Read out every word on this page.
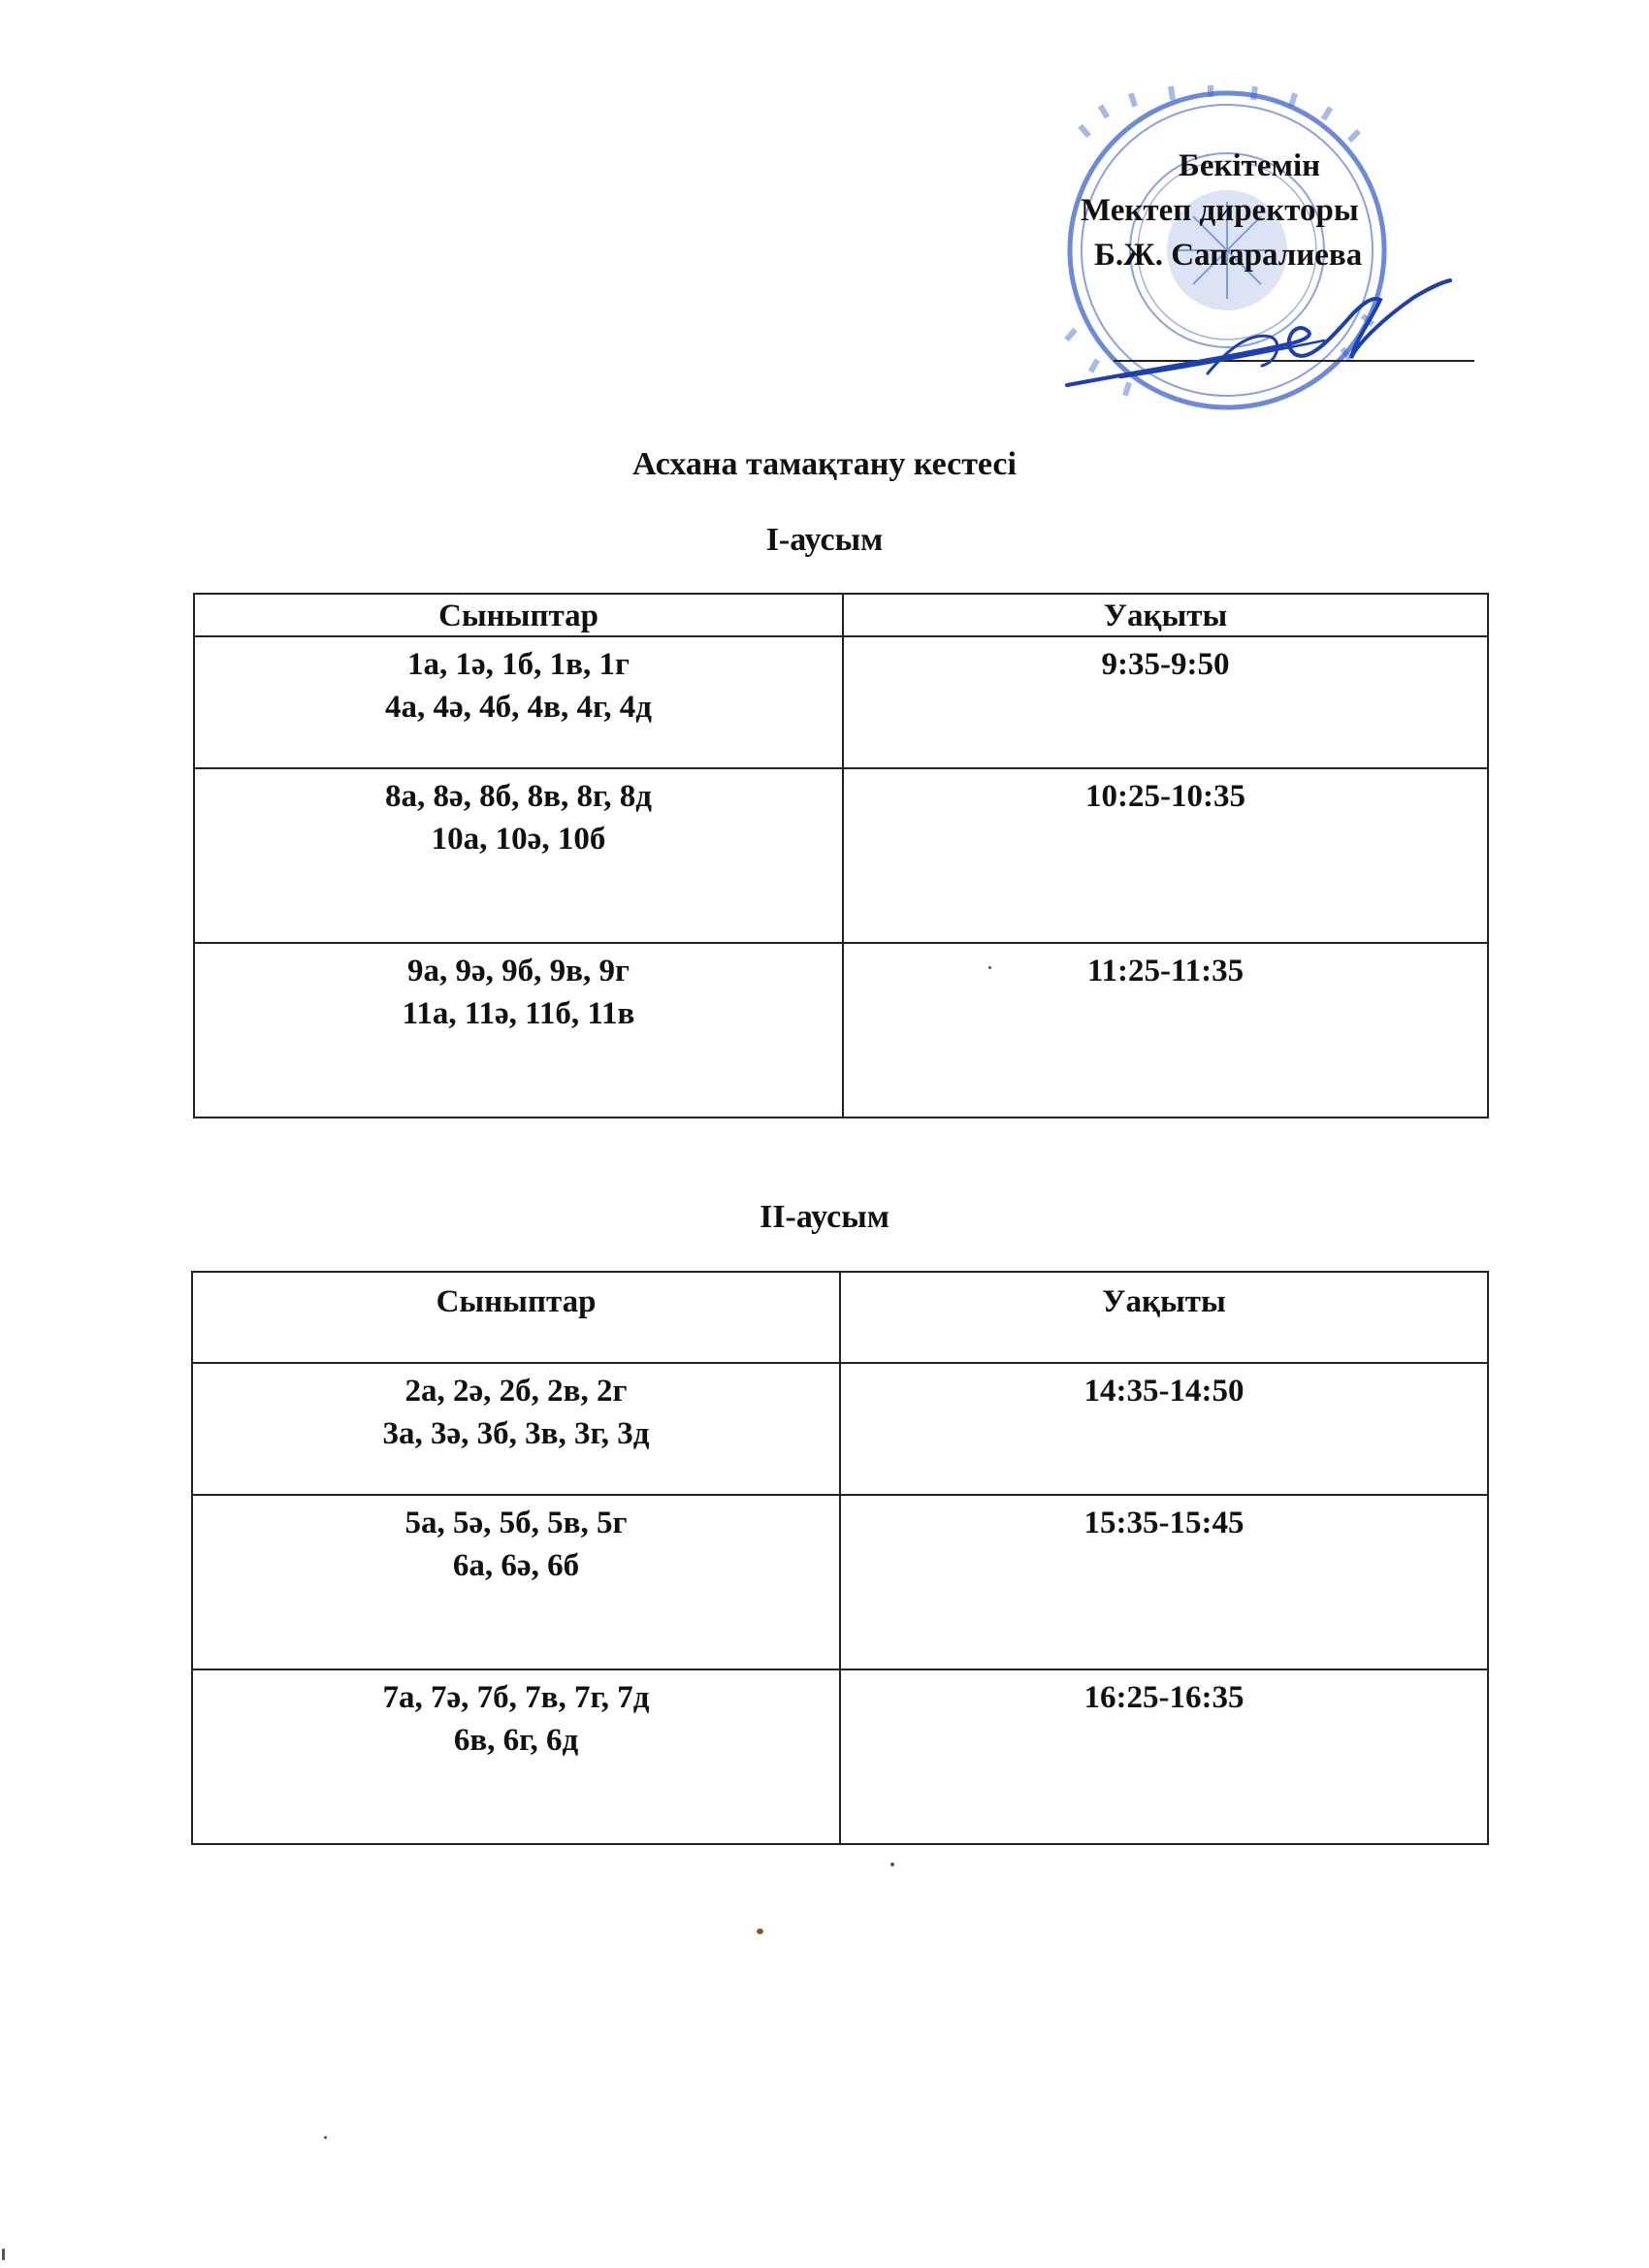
Бекітемін
Мектеп директоры
Б.Ж. Сапаралиева
Асхана тамақтану кестесі
I-аусым
Сыныптар	Уақыты

1а, 1ә, 1б, 1в, 1г
4а, 4ә, 4б, 4в, 4г, 4д	9:35-9:50

8а, 8ә, 8б, 8в, 8г, 8д
10а, 10ә, 10б	10:25-10:35

9а, 9ә, 9б, 9в, 9г
11а, 11ә, 11б, 11в	11:25-11:35
II-аусым
Сыныптар	Уақыты

2а, 2ә, 2б, 2в, 2г
3а, 3ә, 3б, 3в, 3г, 3д	14:35-14:50

5а, 5ә, 5б, 5в, 5г
6а, 6ә, 6б	15:35-15:45

7а, 7ә, 7б, 7в, 7г, 7д
6в, 6г, 6д	16:25-16:35
